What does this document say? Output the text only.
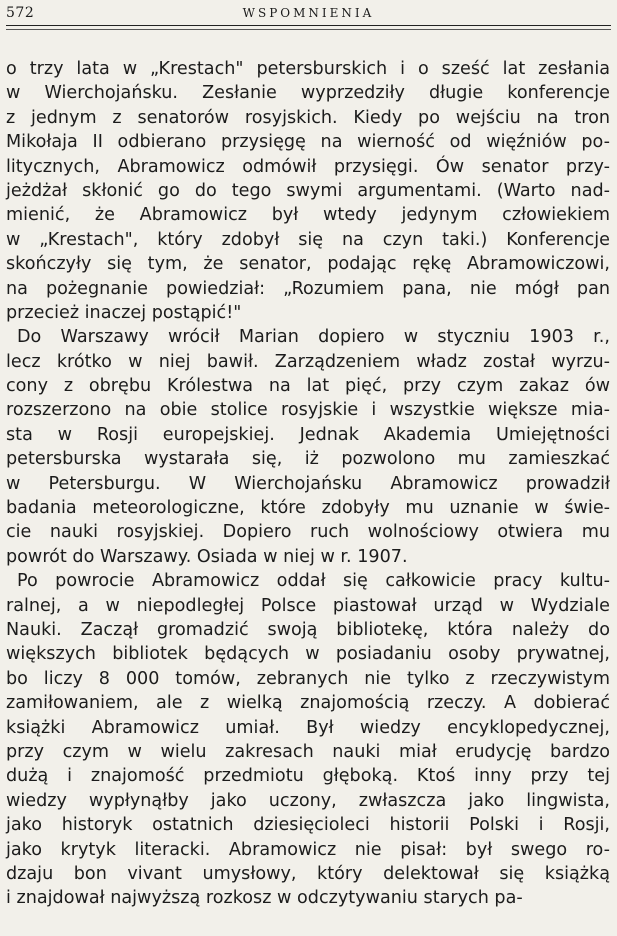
572	WSPOMNIENIA
o trzy lata w „Krestach" petersburskich i o sześć lat zesłania
w Wierchojańsku. Zesłanie wyprzedziły długie konferencje
z jednym z senatorów rosyjskich. Kiedy po wejściu na tron
Mikołaja II odbierano przysięgę na wierność od więźniów po-
litycznych, Abramowicz odmówił przysięgi. Ów senator przy-
jeżdżał skłonić go do tego swymi argumentami. (Warto nad-
mienić, że Abramowicz był wtedy jedynym człowiekiem
w „Krestach", który zdobył się na czyn taki.) Konferencje
skończyły się tym, że senator, podając rękę Abramowiczowi,
na pożegnanie powiedział: „Rozumiem pana, nie mógł pan
przecież inaczej postąpić!"
Do Warszawy wrócił Marian dopiero w styczniu 1903 r.,
lecz krótko w niej bawił. Zarządzeniem władz został wyrzu-
cony z obrębu Królestwa na lat pięć, przy czym zakaz ów
rozszerzono na obie stolice rosyjskie i wszystkie większe mia-
sta w Rosji europejskiej. Jednak Akademia Umiejętności
petersburska wystarała się, iż pozwolono mu zamieszkać
w Petersburgu. W Wierchojańsku Abramowicz prowadził
badania meteorologiczne, które zdobyły mu uznanie w świe-
cie nauki rosyjskiej. Dopiero ruch wolnościowy otwiera mu
powrót do Warszawy. Osiada w niej w r. 1907.
Po powrocie Abramowicz oddał się całkowicie pracy kultu-
ralnej, a w niepodległej Polsce piastował urząd w Wydziale
Nauki. Zaczął gromadzić swoją bibliotekę, która należy do
większych bibliotek będących w posiadaniu osoby prywatnej,
bo liczy 8 000 tomów, zebranych nie tylko z rzeczywistym
zamiłowaniem, ale z wielką znajomością rzeczy. A dobierać
książki Abramowicz umiał. Był wiedzy encyklopedycznej,
przy czym w wielu zakresach nauki miał erudycję bardzo
dużą i znajomość przedmiotu głęboką. Ktoś inny przy tej
wiedzy wypłynąłby jako uczony, zwłaszcza jako lingwista,
jako historyk ostatnich dziesięcioleci historii Polski i Rosji,
jako krytyk literacki. Abramowicz nie pisał: był swego ro-
dzaju bon vivant umysłowy, który delektował się książką
i znajdował najwyższą rozkosz w odczytywaniu starych pa-
